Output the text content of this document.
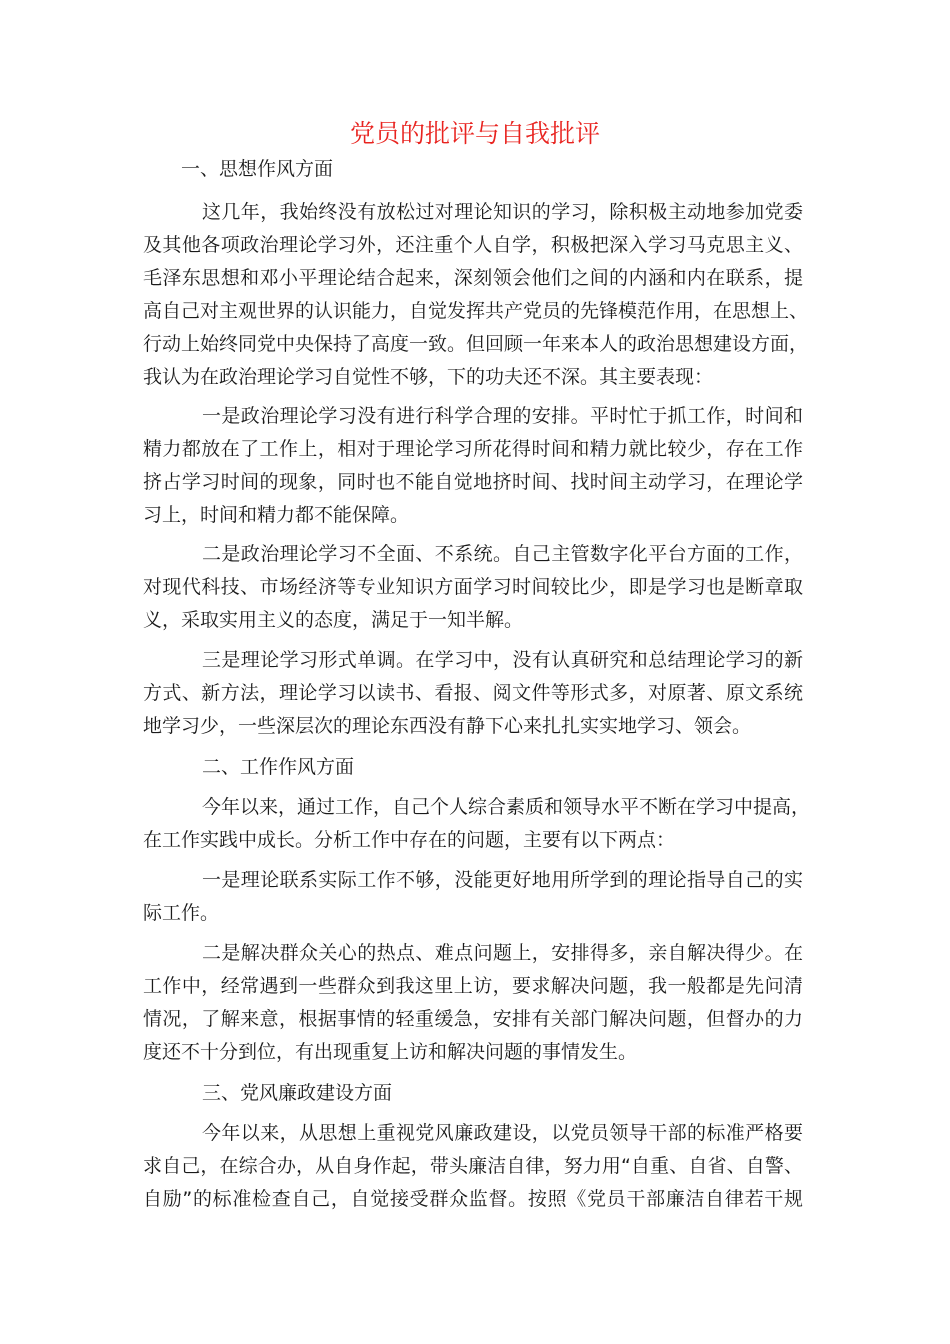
党员的批评与自我批评
一、思想作风方面
这几年，我始终没有放松过对理论知识的学习，除积极主动地参加党委
及其他各项政治理论学习外，还注重个人自学，积极把深入学习马克思主义、
毛泽东思想和邓小平理论结合起来，深刻领会他们之间的内涵和内在联系，提
高自己对主观世界的认识能力，自觉发挥共产党员的先锋模范作用，在思想上、
行动上始终同党中央保持了高度一致。但回顾一年来本人的政治思想建设方面，
我认为在政治理论学习自觉性不够，下的功夫还不深。其主要表现：
一是政治理论学习没有进行科学合理的安排。平时忙于抓工作，时间和
精力都放在了工作上，相对于理论学习所花得时间和精力就比较少，存在工作
挤占学习时间的现象，同时也不能自觉地挤时间、找时间主动学习，在理论学
习上，时间和精力都不能保障。
二是政治理论学习不全面、不系统。自己主管数字化平台方面的工作，
对现代科技、市场经济等专业知识方面学习时间较比少，即是学习也是断章取
义，采取实用主义的态度，满足于一知半解。
三是理论学习形式单调。在学习中，没有认真研究和总结理论学习的新
方式、新方法，理论学习以读书、看报、阅文件等形式多，对原著、原文系统
地学习少，一些深层次的理论东西没有静下心来扎扎实实地学习、领会。
二、工作作风方面
今年以来，通过工作，自己个人综合素质和领导水平不断在学习中提高，
在工作实践中成长。分析工作中存在的问题，主要有以下两点：
一是理论联系实际工作不够，没能更好地用所学到的理论指导自己的实
际工作。
二是解决群众关心的热点、难点问题上，安排得多，亲自解决得少。在
工作中，经常遇到一些群众到我这里上访，要求解决问题，我一般都是先问清
情况，了解来意，根据事情的轻重缓急，安排有关部门解决问题，但督办的力
度还不十分到位，有出现重复上访和解决问题的事情发生。
三、党风廉政建设方面
今年以来，从思想上重视党风廉政建设，以党员领导干部的标准严格要
求自己，在综合办，从自身作起，带头廉洁自律，努力用“自重、自省、自警、
自励”的标准检查自己，自觉接受群众监督。按照《党员干部廉洁自律若干规
